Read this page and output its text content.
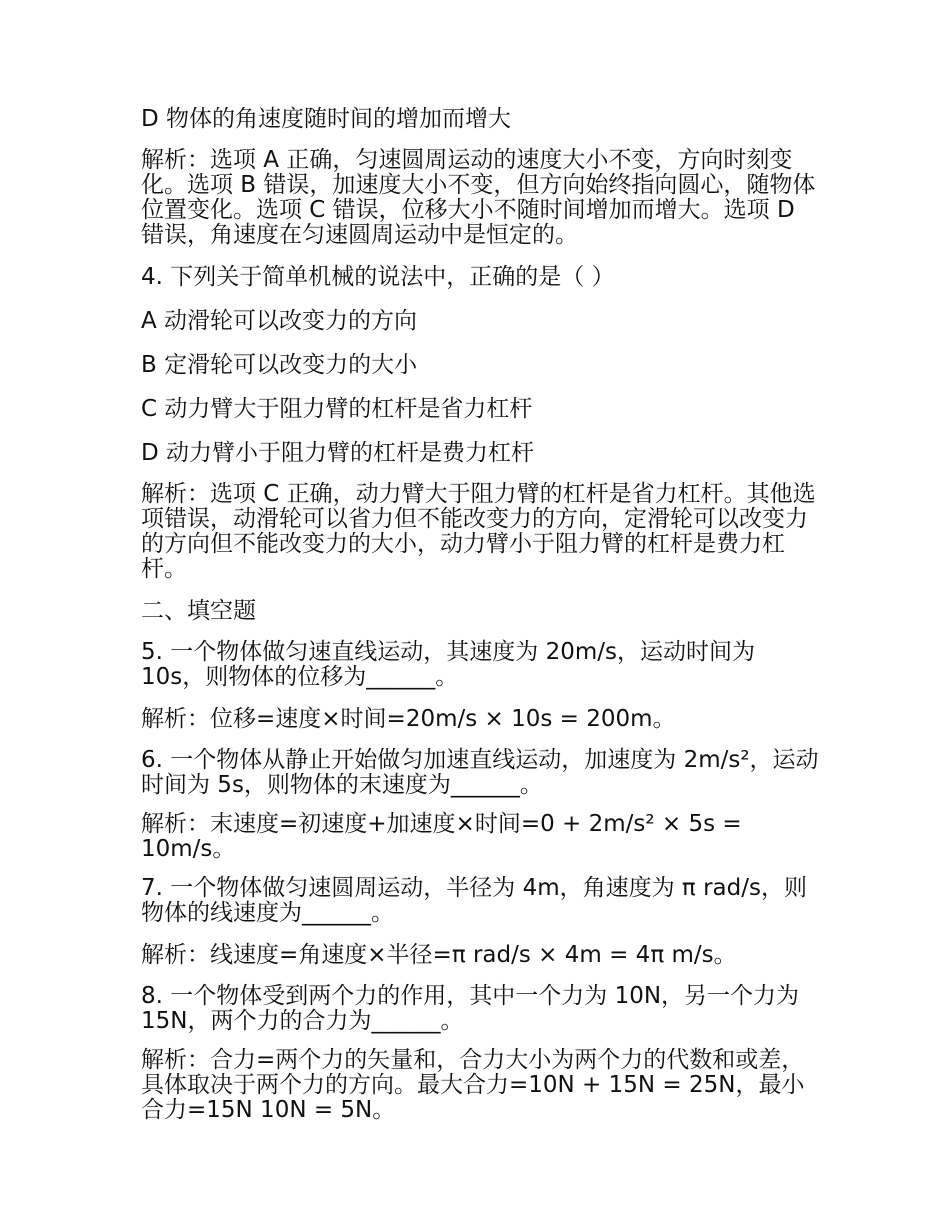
D 物体的角速度随时间的增加而增大

解析：选项 A 正确，匀速圆周运动的速度大小不变，方向时刻变化。选项 B 错误，加速度大小不变，但方向始终指向圆心，随物体位置变化。选项 C 错误，位移大小不随时间增加而增大。选项 D 错误，角速度在匀速圆周运动中是恒定的。

4. 下列关于简单机械的说法中，正确的是（ ）

A 动滑轮可以改变力的方向

B 定滑轮可以改变力的大小

C 动力臂大于阻力臂的杠杆是省力杠杆

D 动力臂小于阻力臂的杠杆是费力杠杆

解析：选项 C 正确，动力臂大于阻力臂的杠杆是省力杠杆。其他选项错误，动滑轮可以省力但不能改变力的方向，定滑轮可以改变力的方向但不能改变力的大小，动力臂小于阻力臂的杠杆是费力杠杆。

二、填空题

5. 一个物体做匀速直线运动，其速度为 20m/s，运动时间为 10s，则物体的位移为______。

解析：位移=速度×时间=20m/s × 10s = 200m。

6. 一个物体从静止开始做匀加速直线运动，加速度为 2m/s²，运动时间为 5s，则物体的末速度为______。

解析：末速度=初速度+加速度×时间=0 + 2m/s² × 5s = 10m/s。

7. 一个物体做匀速圆周运动，半径为 4m，角速度为 π rad/s，则物体的线速度为______。

解析：线速度=角速度×半径=π rad/s × 4m = 4π m/s。

8. 一个物体受到两个力的作用，其中一个力为 10N，另一个力为 15N，两个力的合力为______。

解析：合力=两个力的矢量和，合力大小为两个力的代数和或差，具体取决于两个力的方向。最大合力=10N + 15N = 25N，最小合力=15N 10N = 5N。
